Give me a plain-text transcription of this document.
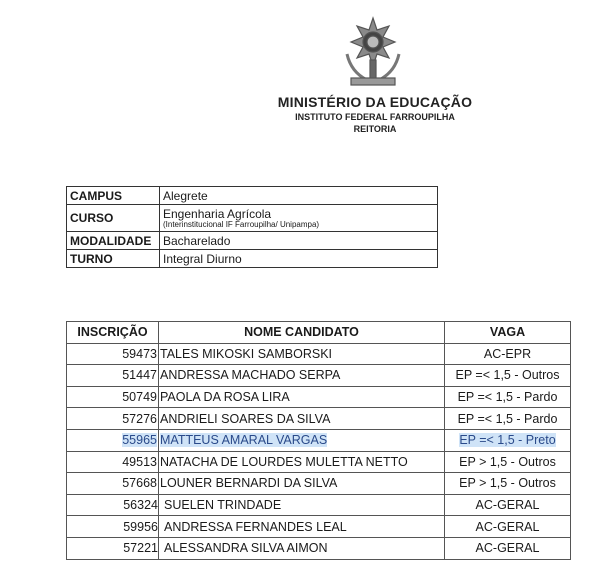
MINISTÉRIO DA EDUCAÇÃO
INSTITUTO FEDERAL FARROUPILHA
REITORIA
CAMPUS	Alegrete
CURSO	Engenharia Agrícola
(Interinstitucional IF Farroupilha/ Unipampa)

MODALIDADE	Bacharelado
TURNO	Integral Diurno
INSCRIÇÃO	NOME CANDIDATO	VAGA
59473	TALES MIKOSKI SAMBORSKI	AC-EPR
51447	ANDRESSA MACHADO SERPA	EP =< 1,5 - Outros
50749	PAOLA DA ROSA LIRA	EP =< 1,5 - Pardo
57276	ANDRIELI SOARES DA SILVA	EP =< 1,5 - Pardo
55965	MATTEUS AMARAL VARGAS	EP =< 1,5 - Preto
49513	NATACHA DE LOURDES MULETTA NETTO	EP > 1,5 - Outros
57668	LOUNER BERNARDI DA SILVA	EP > 1,5 - Outros
56324	SUELEN TRINDADE	AC-GERAL
59956	ANDRESSA FERNANDES LEAL	AC-GERAL
57221	ALESSANDRA SILVA AIMON	AC-GERAL
